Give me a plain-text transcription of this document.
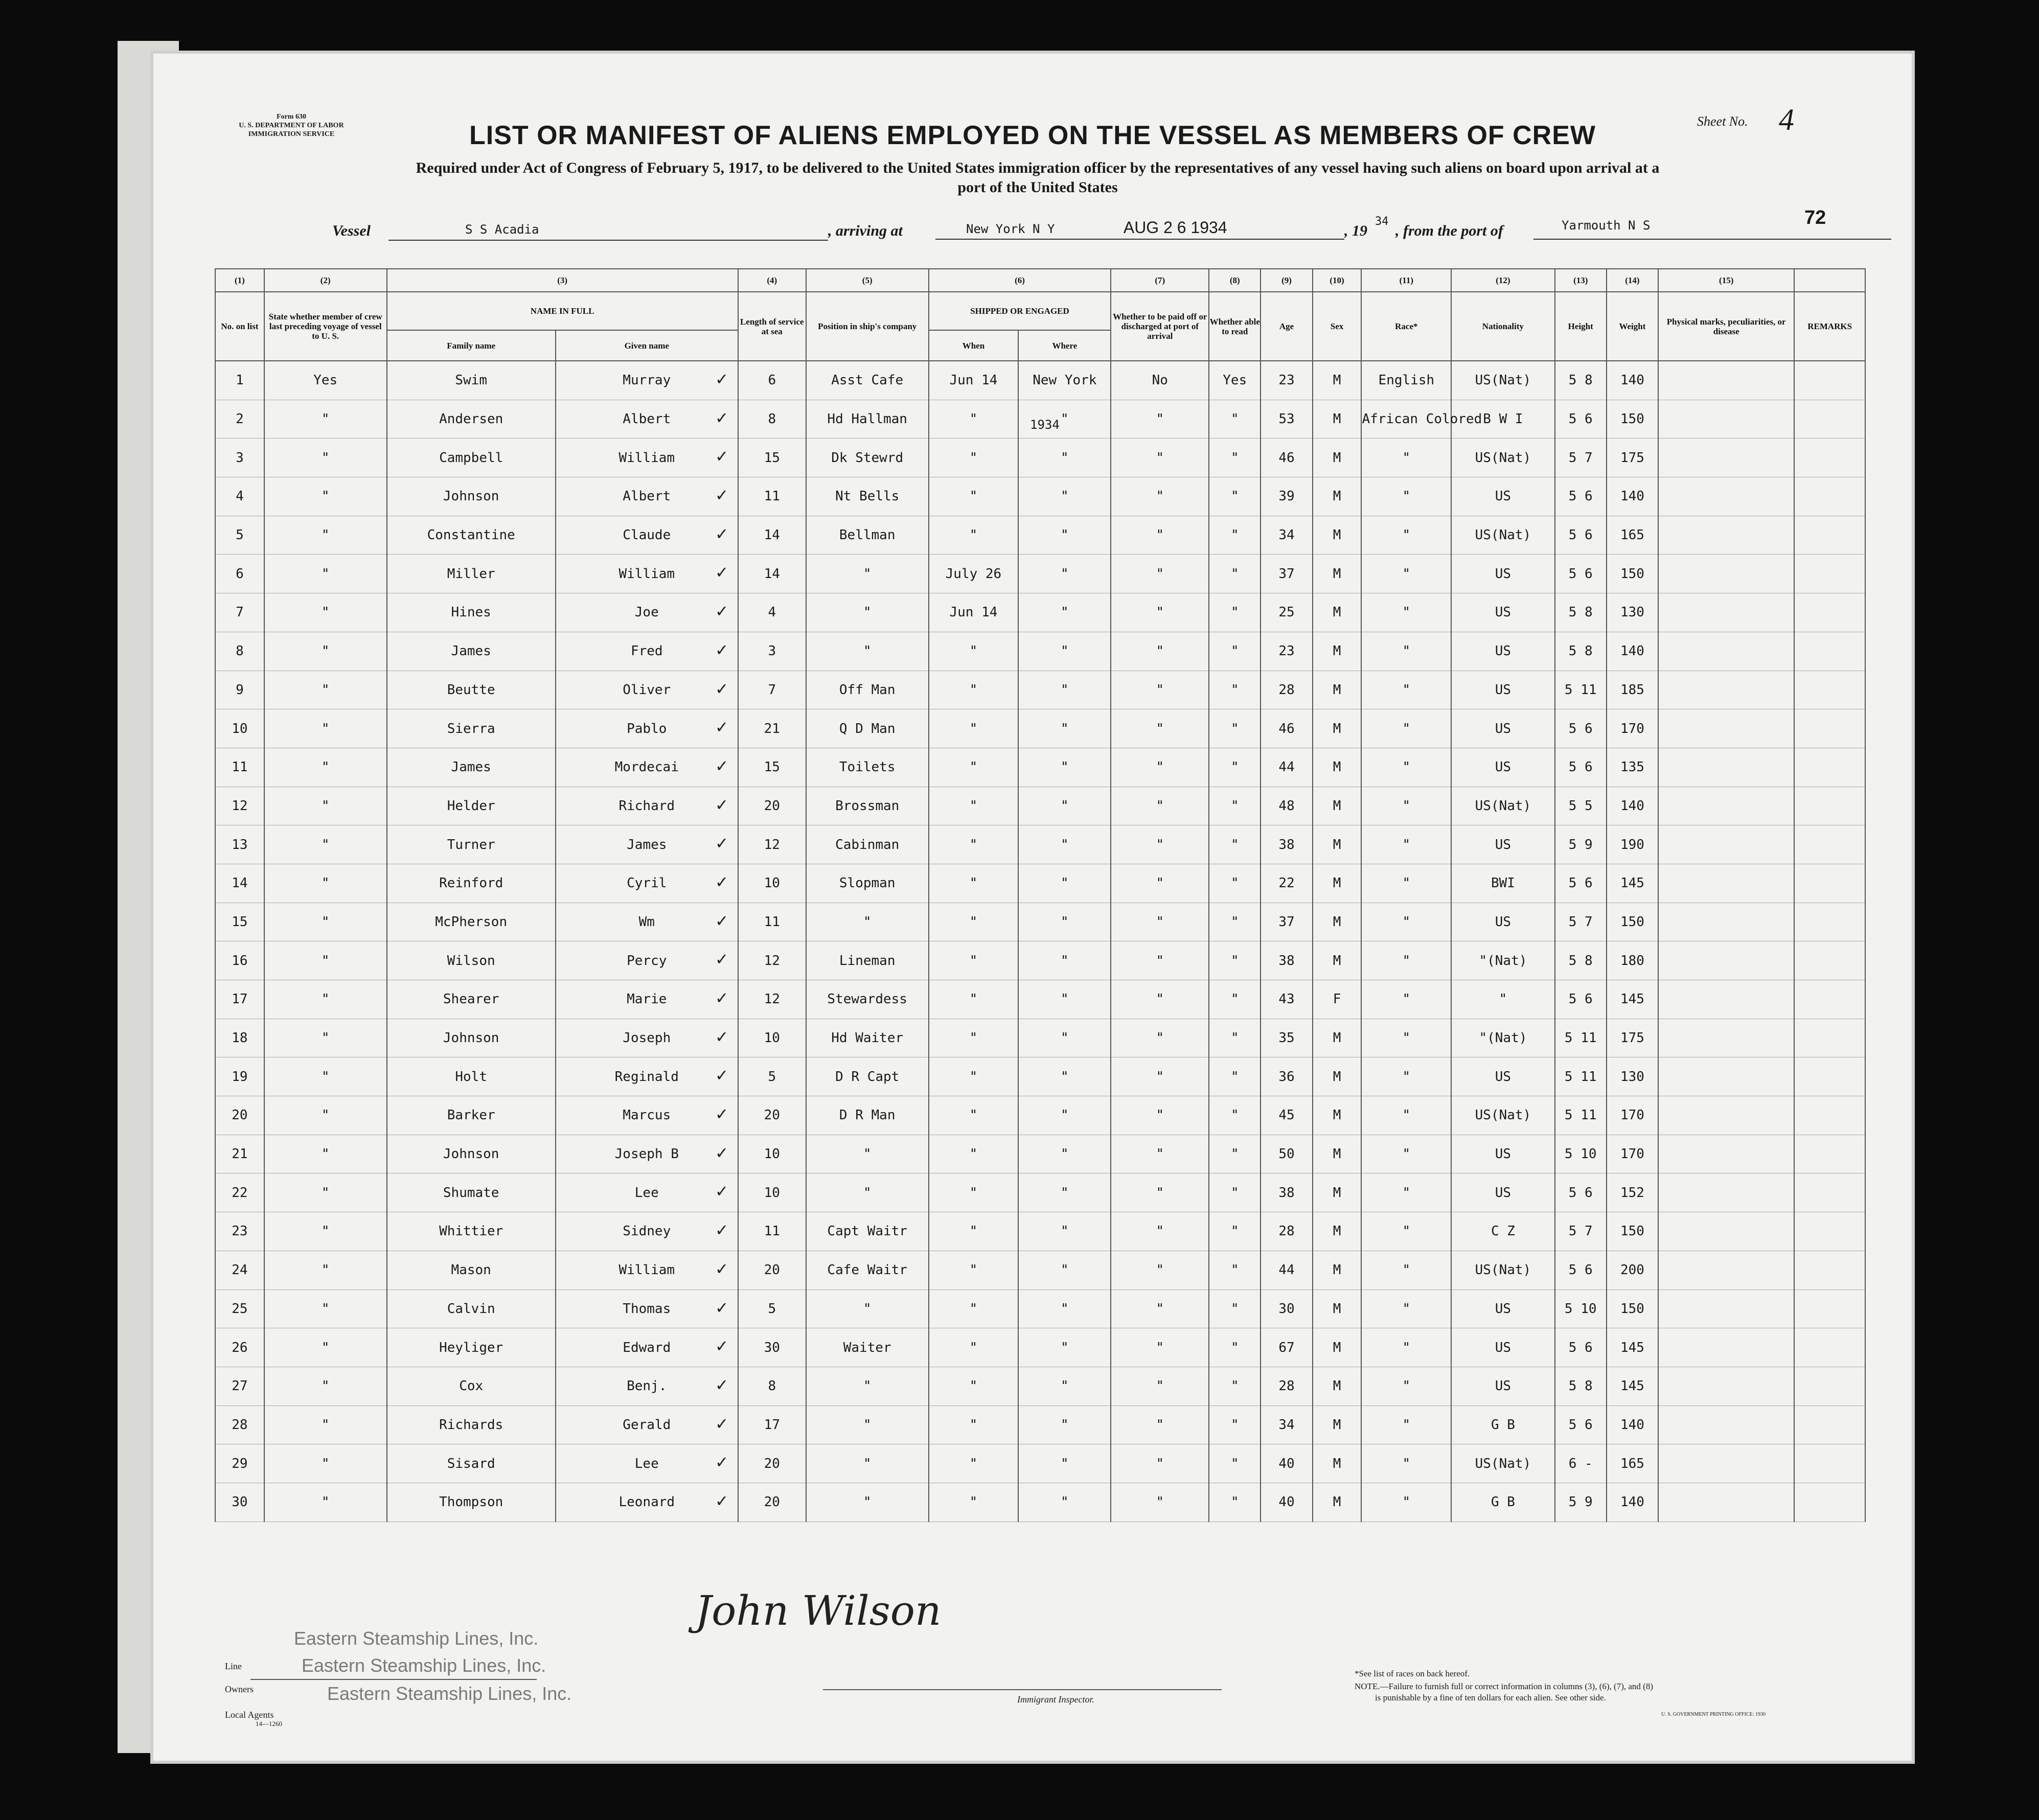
Form 630
U. S. DEPARTMENT OF LABOR
IMMIGRATION SERVICE
Sheet No. 4
LIST OR MANIFEST OF ALIENS EMPLOYED ON THE VESSEL AS MEMBERS OF CREW
Required under Act of Congress of February 5, 1917, to be delivered to the United States immigration officer by the representatives of any vessel having such aliens on board upon arrival at a
port of the United States
72
Vessel	S S Acadia	, arriving at	New York N Y	AUG 2 6 1934	, 19
34
, from the port of	Yarmouth N S
(1)	(2)	(3)		(4)	(5)	(6)		(7)	(8)	(9)	(10)	(11)	(12)	(13)	(14)	(15)	
No. on list	State whether member of crew last preceding voyage of vessel to U. S.	NAME IN FULL		Length of service at sea	Position in ship's company	SHIPPED OR ENGAGED		Whether to be paid off or discharged at port of arrival	Whether able to read	Age	Sex	Race*	Nationality	Height	Weight	Physical marks, peculiarities, or disease	REMARKS
		Family name	Given name			When	Where										
1	Yes	Swim	Murray ✓	6	Asst Cafe	Jun 14	New York	No	Yes	23	M	English	US(Nat)	5 8	140		
2	"	Andersen	Albert ✓	8	Hd Hallman	"	"	"	"	53	M	African Colored	B W I	5 6	150		
3	"	Campbell	William ✓	15	Dk Stewrd	"	"	"	"	46	M	"	US(Nat)	5 7	175		
4	"	Johnson	Albert ✓	11	Nt Bells	"	"	"	"	39	M	"	US	5 6	140		
5	"	Constantine	Claude ✓	14	Bellman	"	"	"	"	34	M	"	US(Nat)	5 6	165		
6	"	Miller	William ✓	14	"	July 26	"	"	"	37	M	"	US	5 6	150		
7	"	Hines	Joe ✓	4	"	Jun 14	"	"	"	25	M	"	US	5 8	130		
8	"	James	Fred ✓	3	"	"	"	"	"	23	M	"	US	5 8	140		
9	"	Beutte	Oliver ✓	7	Off Man	"	"	"	"	28	M	"	US	5 11	185		
10	"	Sierra	Pablo ✓	21	Q D Man	"	"	"	"	46	M	"	US	5 6	170		
11	"	James	Mordecai ✓	15	Toilets	"	"	"	"	44	M	"	US	5 6	135		
12	"	Helder	Richard ✓	20	Brossman	"	"	"	"	48	M	"	US(Nat)	5 5	140		
13	"	Turner	James ✓	12	Cabinman	"	"	"	"	38	M	"	US	5 9	190		
14	"	Reinford	Cyril ✓	10	Slopman	"	"	"	"	22	M	"	BWI	5 6	145		
15	"	McPherson	Wm ✓	11	"	"	"	"	"	37	M	"	US	5 7	150		
16	"	Wilson	Percy ✓	12	Lineman	"	"	"	"	38	M	"	"(Nat)	5 8	180		
17	"	Shearer	Marie ✓	12	Stewardess	"	"	"	"	43	F	"	"	5 6	145		
18	"	Johnson	Joseph ✓	10	Hd Waiter	"	"	"	"	35	M	"	"(Nat)	5 11	175		
19	"	Holt	Reginald ✓	5	D R Capt	"	"	"	"	36	M	"	US	5 11	130		
20	"	Barker	Marcus ✓	20	D R Man	"	"	"	"	45	M	"	US(Nat)	5 11	170		
21	"	Johnson	Joseph B ✓	10	"	"	"	"	"	50	M	"	US	5 10	170		
22	"	Shumate	Lee ✓	10	"	"	"	"	"	38	M	"	US	5 6	152		
23	"	Whittier	Sidney ✓	11	Capt Waitr	"	"	"	"	28	M	"	C Z	5 7	150		
24	"	Mason	William ✓	20	Cafe Waitr	"	"	"	"	44	M	"	US(Nat)	5 6	200		
25	"	Calvin	Thomas ✓	5	"	"	"	"	"	30	M	"	US	5 10	150		
26	"	Heyliger	Edward ✓	30	Waiter	"	"	"	"	67	M	"	US	5 6	145		
27	"	Cox	Benj. ✓	8	"	"	"	"	"	28	M	"	US	5 8	145		
28	"	Richards	Gerald ✓	17	"	"	"	"	"	34	M	"	G B	5 6	140		
29	"	Sisard	Lee ✓	20	"	"	"	"	"	40	M	"	US(Nat)	6 -	165		
30	"	Thompson	Leonard ✓	20	"	"	"	"	"	40	M	"	G B	5 9	140		
1934
Line
Owners
Local Agents
14—1260
Eastern Steamship Lines, Inc.
Eastern Steamship Lines, Inc.
Eastern Steamship Lines, Inc.
John Wilson
Immigrant Inspector.
*See list of races on back hereof.
NOTE.—Failure to furnish full or correct information in columns (3), (6), (7), and (8)
is punishable by a fine of ten dollars for each alien. See other side.
U. S. GOVERNMENT PRINTING OFFICE: 1930
